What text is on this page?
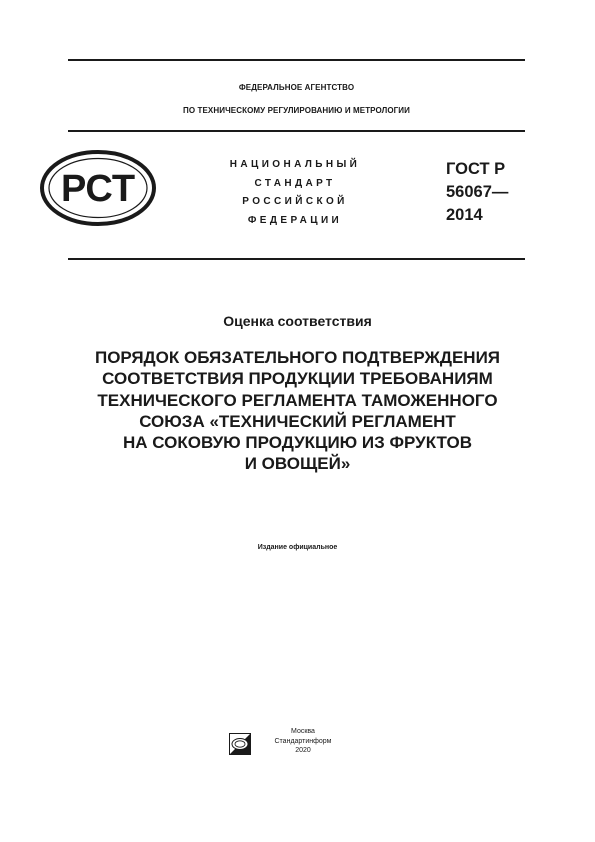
ФЕДЕРАЛЬНОЕ АГЕНТСТВО
ПО ТЕХНИЧЕСКОМУ РЕГУЛИРОВАНИЮ И МЕТРОЛОГИИ
РСТ
НАЦИОНАЛЬНЫЙ
СТАНДАРТ
РОССИЙСКОЙ
ФЕДЕРАЦИИ
ГОСТ Р
56067—
2014
Оценка соответствия
ПОРЯДОК ОБЯЗАТЕЛЬНОГО ПОДТВЕРЖДЕНИЯ
СООТВЕТСТВИЯ ПРОДУКЦИИ ТРЕБОВАНИЯМ
ТЕХНИЧЕСКОГО РЕГЛАМЕНТА ТАМОЖЕННОГО
СОЮЗА «ТЕХНИЧЕСКИЙ РЕГЛАМЕНТ
НА СОКОВУЮ ПРОДУКЦИЮ ИЗ ФРУКТОВ
И ОВОЩЕЙ»
Издание официальное
Москва
Стандартинформ
2020
